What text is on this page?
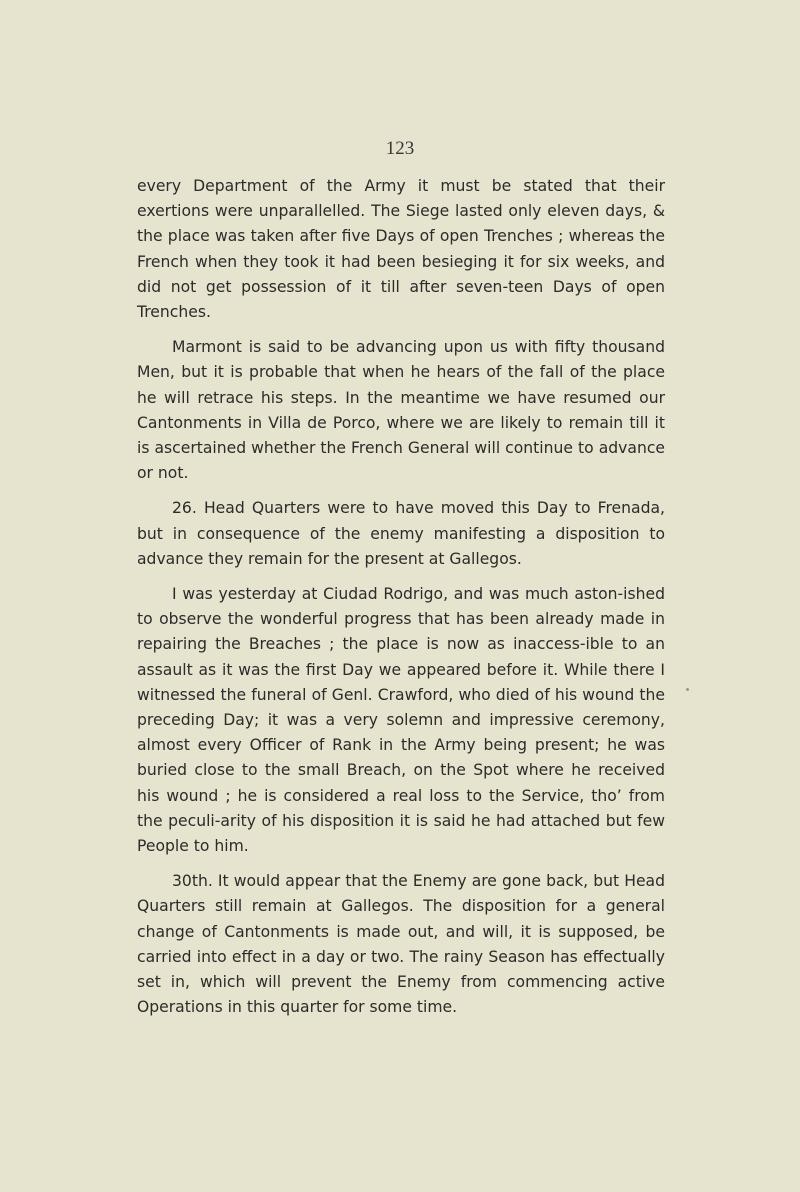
123

every Department of the Army it must be stated that their exertions were unparallelled. The Siege lasted only eleven days, & the place was taken after five Days of open Trenches ; whereas the French when they took it had been besieging it for six weeks, and did not get possession of it till after seven-teen Days of open Trenches.

Marmont is said to be advancing upon us with fifty thousand Men, but it is probable that when he hears of the fall of the place he will retrace his steps. In the meantime we have resumed our Cantonments in Villa de Porco, where we are likely to remain till it is ascertained whether the French General will continue to advance or not.

26. Head Quarters were to have moved this Day to Frenada, but in consequence of the enemy manifesting a disposition to advance they remain for the present at Gallegos.

I was yesterday at Ciudad Rodrigo, and was much aston-ished to observe the wonderful progress that has been already made in repairing the Breaches ; the place is now as inaccess-ible to an assault as it was the first Day we appeared before it. While there I witnessed the funeral of Genl. Crawford, who died of his wound the preceding Day; it was a very solemn and impressive ceremony, almost every Officer of Rank in the Army being present; he was buried close to the small Breach, on the Spot where he received his wound ; he is considered a real loss to the Service, tho’ from the peculi-arity of his disposition it is said he had attached but few People to him.

30th. It would appear that the Enemy are gone back, but Head Quarters still remain at Gallegos. The disposition for a general change of Cantonments is made out, and will, it is supposed, be carried into effect in a day or two. The rainy Season has effectually set in, which will prevent the Enemy from commencing active Operations in this quarter for some time.
